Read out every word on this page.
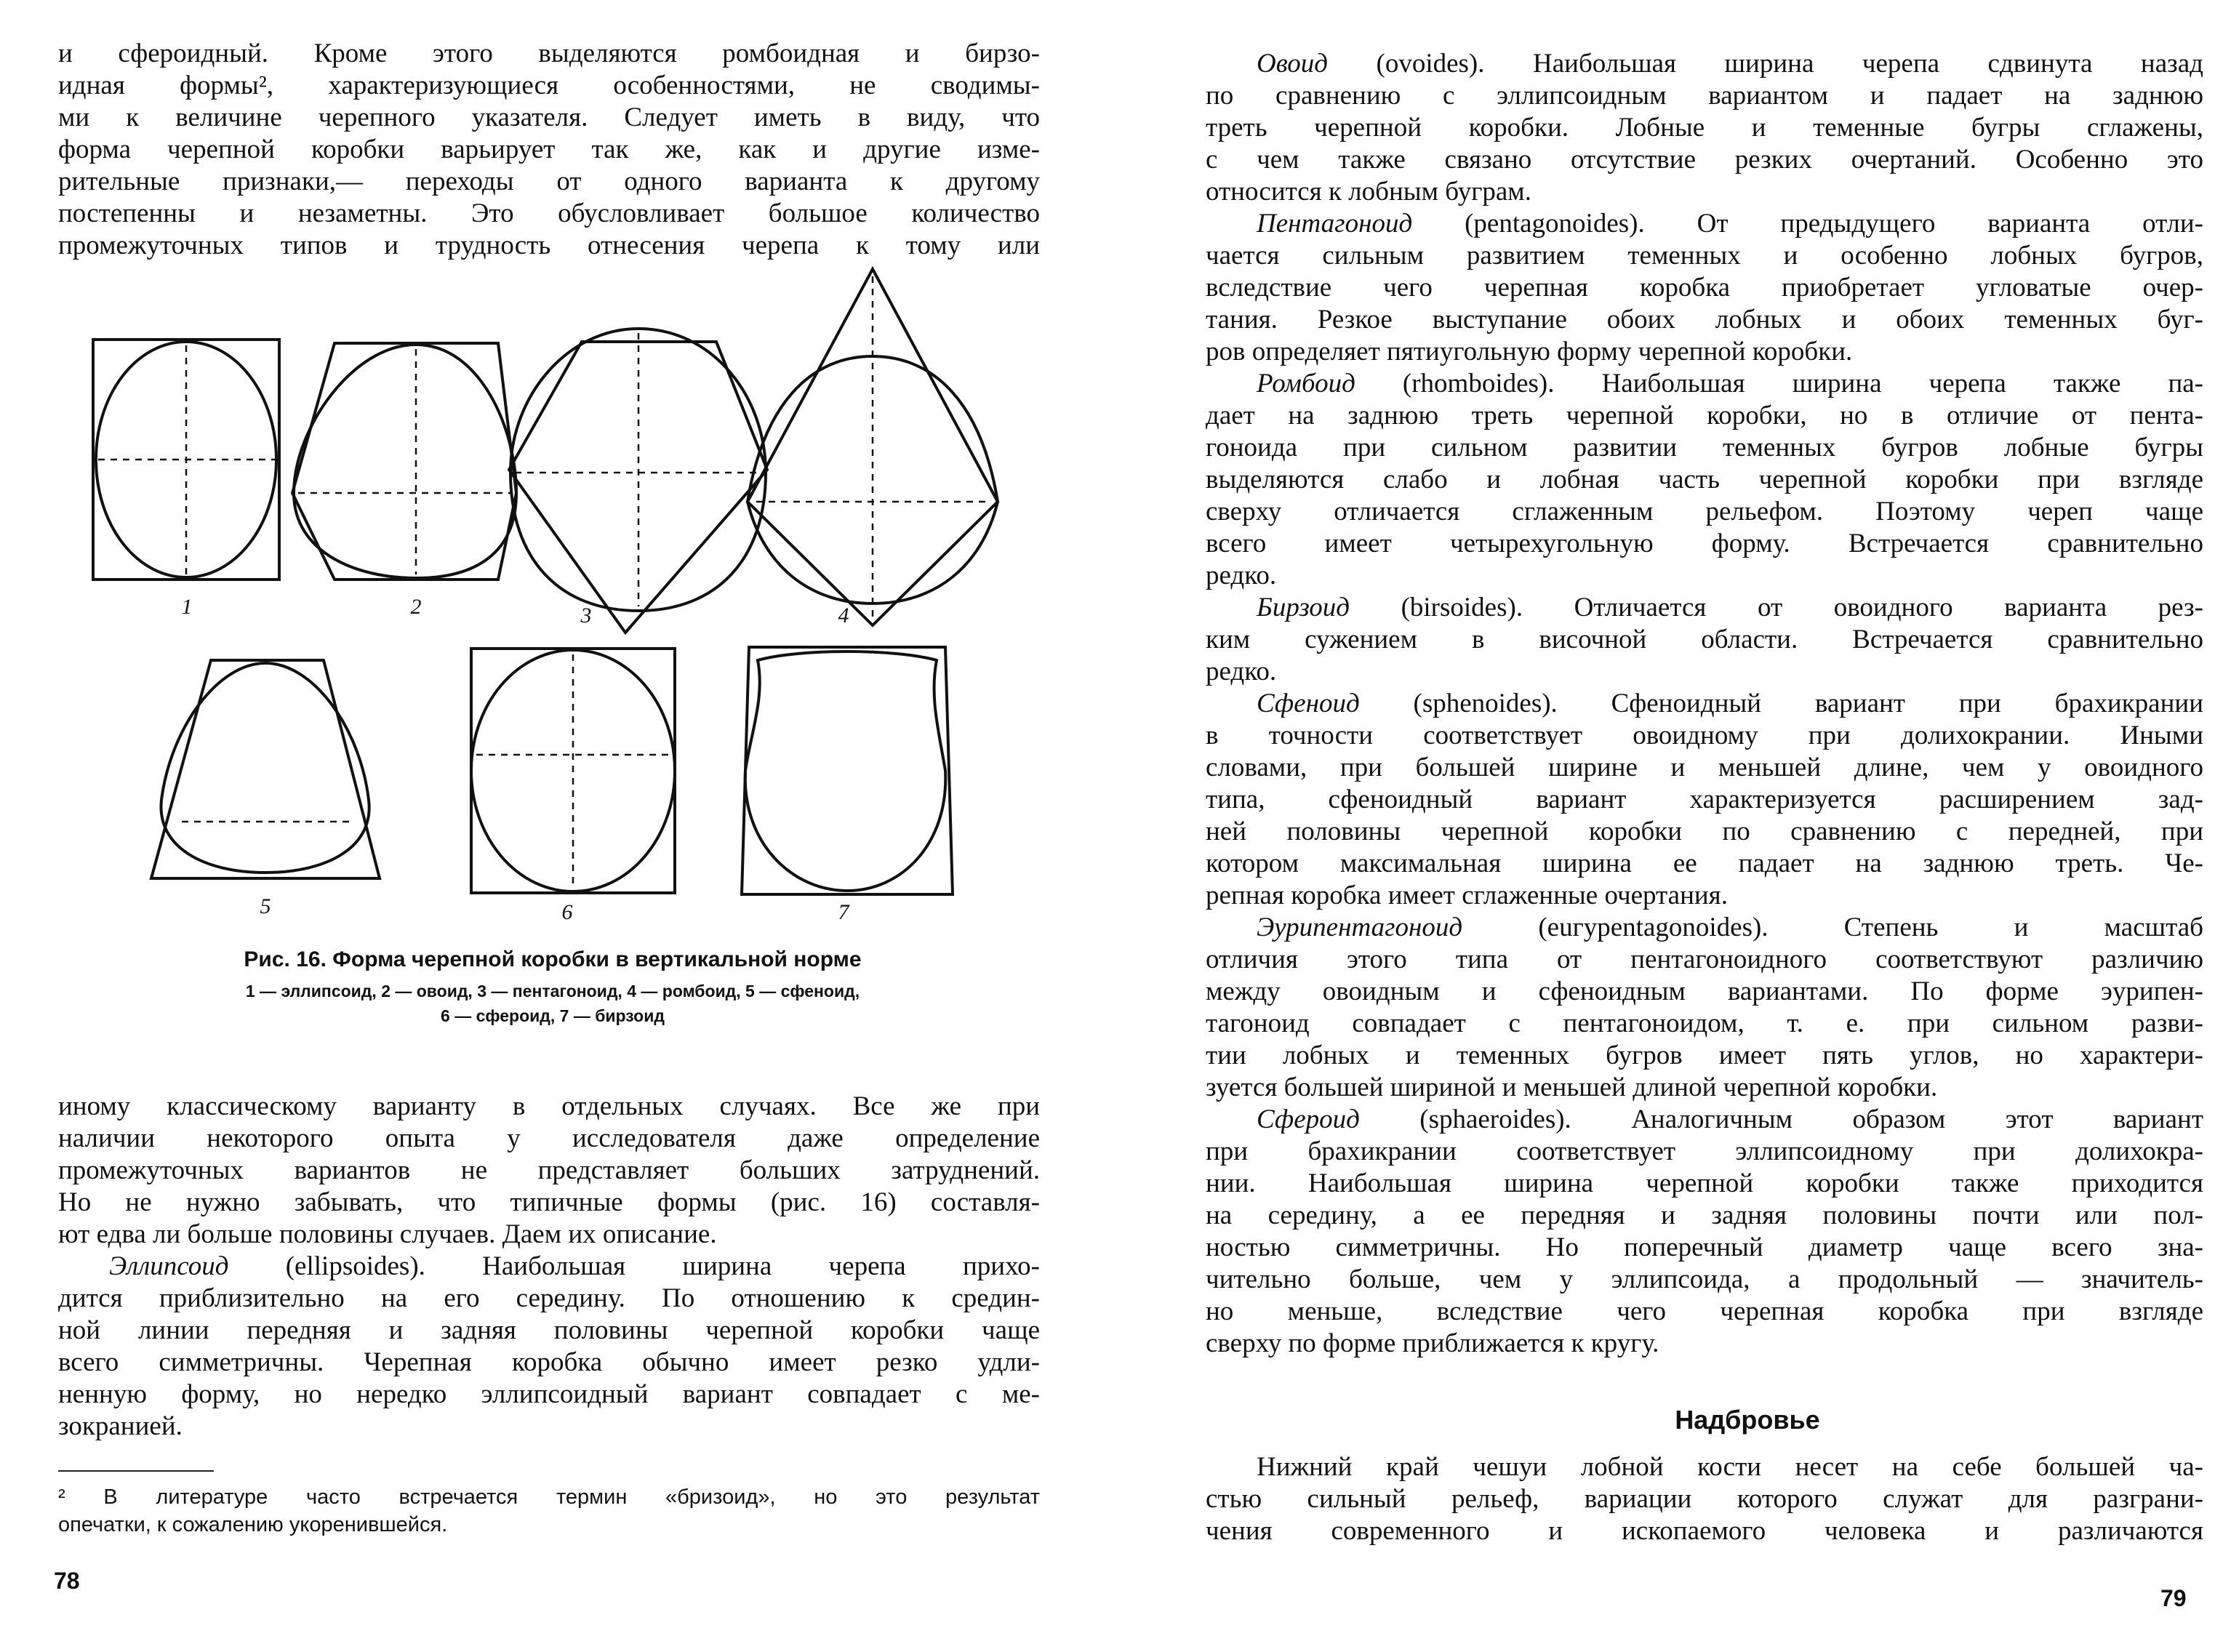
и сфероидный. Кроме этого выделяются ромбоидная и бирзо-
идная формы², характеризующиеся особенностями, не сводимы-
ми к величине черепного указателя. Следует иметь в виду, что
форма черепной коробки варьирует так же, как и другие изме-
рительные признаки,— переходы от одного варианта к другому
постепенны и незаметны. Это обусловливает большое количество
промежуточных типов и трудность отнесения черепа к тому или
1	2	3	4
5	6	7
Рис. 16. Форма черепной коробки в вертикальной норме
1 — эллипсоид, 2 — овоид, 3 — пентагоноид, 4 — ромбоид, 5 — сфеноид,
6 — сфероид, 7 — бирзоид
иному классическому варианту в отдельных случаях. Все же при
наличии некоторого опыта у исследователя даже определение
промежуточных вариантов не представляет больших затруднений.
Но не нужно забывать, что типичные формы (рис. 16) составля-
ют едва ли больше половины случаев. Даем их описание.
Эллипсоид (ellipsoides). Наибольшая ширина черепа прихо-
дится приблизительно на его середину. По отношению к средин-
ной линии передняя и задняя половины черепной коробки чаще
всего симметричны. Черепная коробка обычно имеет резко удли-
ненную форму, но нередко эллипсоидный вариант совпадает с ме-
зокранией.
² В литературе часто встречается термин «бризоид», но это результат
опечатки, к сожалению укоренившейся.
78
Овоид (ovoides). Наибольшая ширина черепа сдвинута назад
по сравнению с эллипсоидным вариантом и падает на заднюю
треть черепной коробки. Лобные и теменные бугры сглажены,
с чем также связано отсутствие резких очертаний. Особенно это
относится к лобным буграм.
Пентагоноид (pentagonoides). От предыдущего варианта отли-
чается сильным развитием теменных и особенно лобных бугров,
вследствие чего черепная коробка приобретает угловатые очер-
тания. Резкое выступание обоих лобных и обоих теменных буг-
ров определяет пятиугольную форму черепной коробки.
Ромбоид (rhomboides). Наибольшая ширина черепа также па-
дает на заднюю треть черепной коробки, но в отличие от пента-
гоноида при сильном развитии теменных бугров лобные бугры
выделяются слабо и лобная часть черепной коробки при взгляде
сверху отличается сглаженным рельефом. Поэтому череп чаще
всего имеет четырехугольную форму. Встречается сравнительно
редко.
Бирзоид (birsoides). Отличается от овоидного варианта рез-
ким сужением в височной области. Встречается сравнительно
редко.
Сфеноид (sphenoides). Сфеноидный вариант при брахикрании
в точности соответствует овоидному при долихокрании. Иными
словами, при большей ширине и меньшей длине, чем у овоидного
типа, сфеноидный вариант характеризуется расширением зад-
ней половины черепной коробки по сравнению с передней, при
котором максимальная ширина ее падает на заднюю треть. Че-
репная коробка имеет сглаженные очертания.
Эурипентагоноид (euгуpentagonoides). Степень и масштаб
отличия этого типа от пентагоноидного соответствуют различию
между овоидным и сфеноидным вариантами. По форме эурипен-
тагоноид совпадает с пентагоноидом, т. е. при сильном разви-
тии лобных и теменных бугров имеет пять углов, но характери-
зуется большей шириной и меньшей длиной черепной коробки.
Сфероид (sphaeroides). Аналогичным образом этот вариант
при брахикрании соответствует эллипсоидному при долихокра-
нии. Наибольшая ширина черепной коробки также приходится
на середину, а ее передняя и задняя половины почти или пол-
ностью симметричны. Но поперечный диаметр чаще всего зна-
чительно больше, чем у эллипсоида, а продольный — значитель-
но меньше, вследствие чего черепная коробка при взгляде
сверху по форме приближается к кругу.
Надбровье
Нижний край чешуи лобной кости несет на себе большей ча-
стью сильный рельеф, вариации которого служат для разграни-
чения современного и ископаемого человека и различаются
79
